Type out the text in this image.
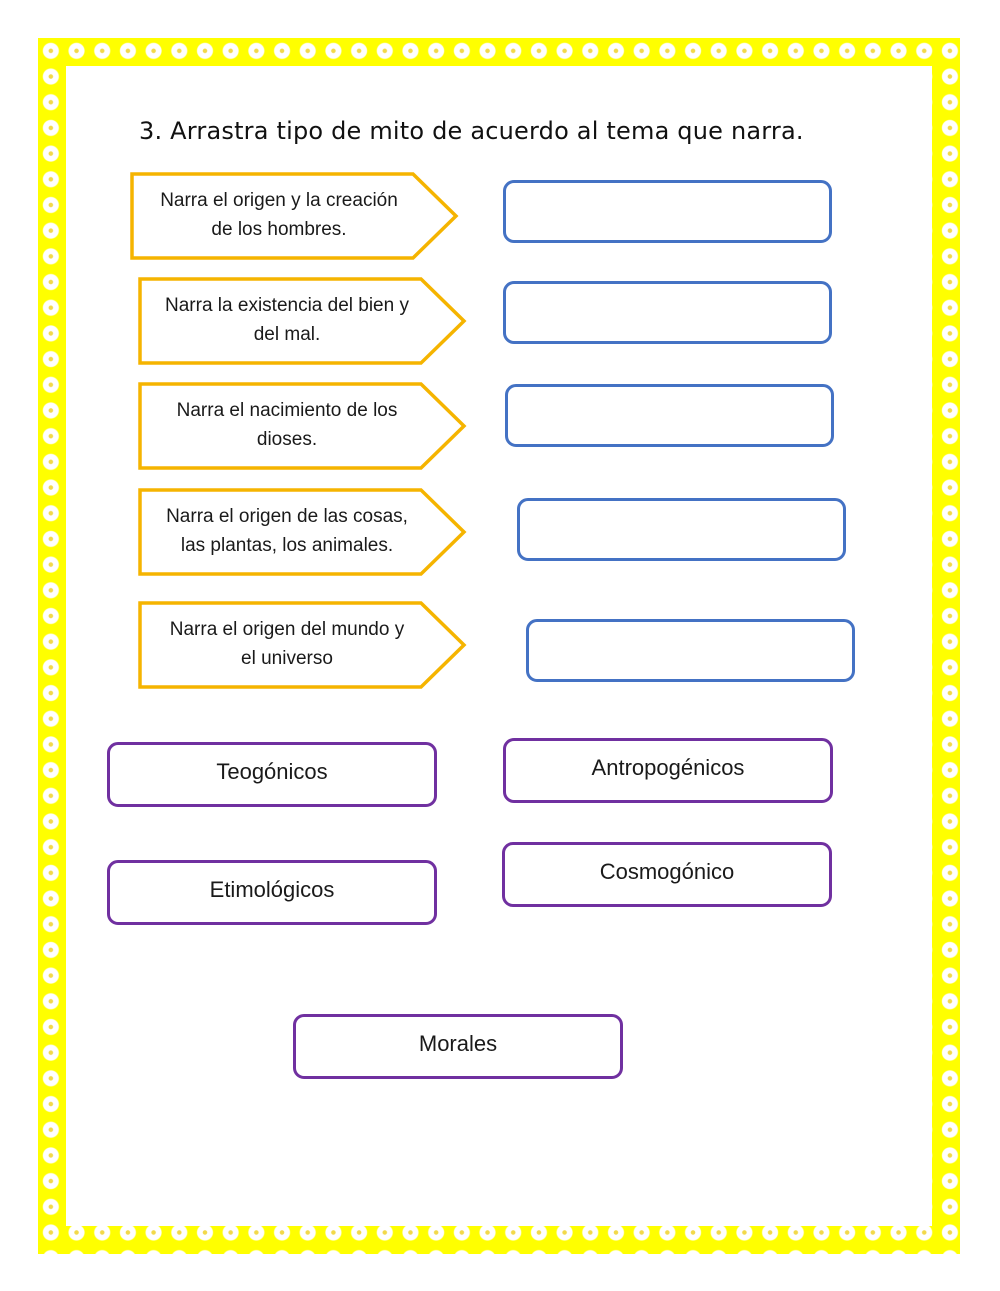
3. Arrastra tipo de mito de acuerdo al tema que narra.
Narra el origen y la creación
de los hombres.
Narra la existencia del bien y
del mal.
Narra el nacimiento de los
dioses.
Narra el origen de las cosas,
las plantas, los animales.
Narra el origen del mundo y
el universo
Teogónicos	Antropogénicos
Etimológicos
Cosmogónico
Morales
